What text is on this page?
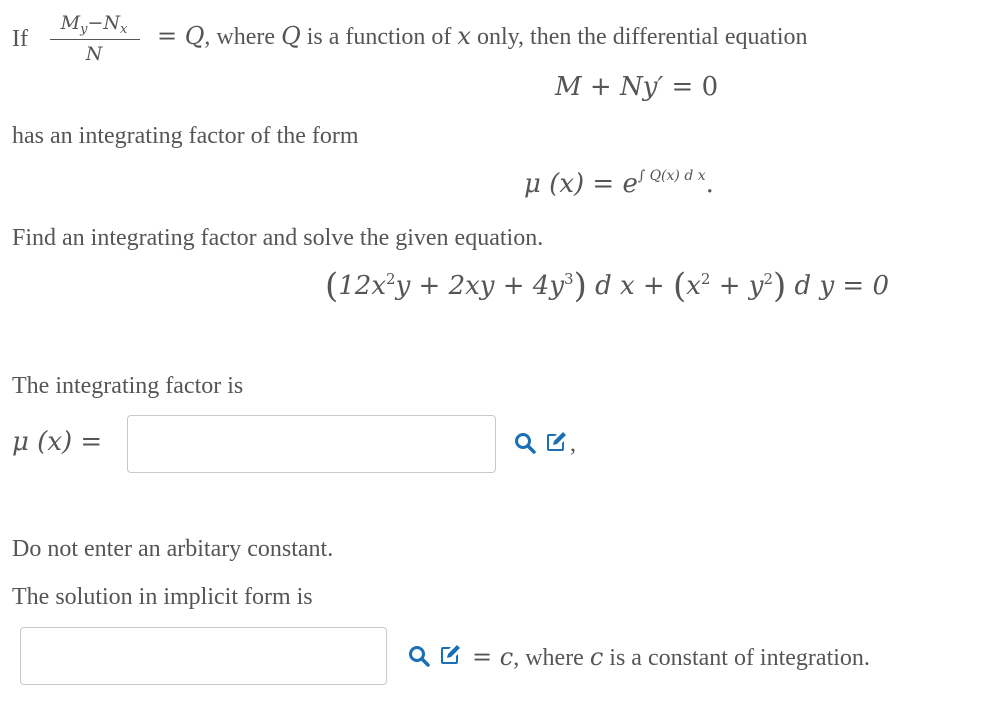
If
$M_y-N_x$
N
= Q, where Q is a function of x only, then the differential equation
M + Ny′ = 0
has an integrating factor of the form
μ $(x) = e^{\int Q(x) d x}$.
Find an integrating factor and solve the given equation.
$(12x^2y + 2xy + 4y^3)$ d $x + (x^2 + y^2)$ d y = 0
The integrating factor is
μ (x) =	,
Do not enter an arbitary constant.
The solution in implicit form is
= c, where c is a constant of integration.
